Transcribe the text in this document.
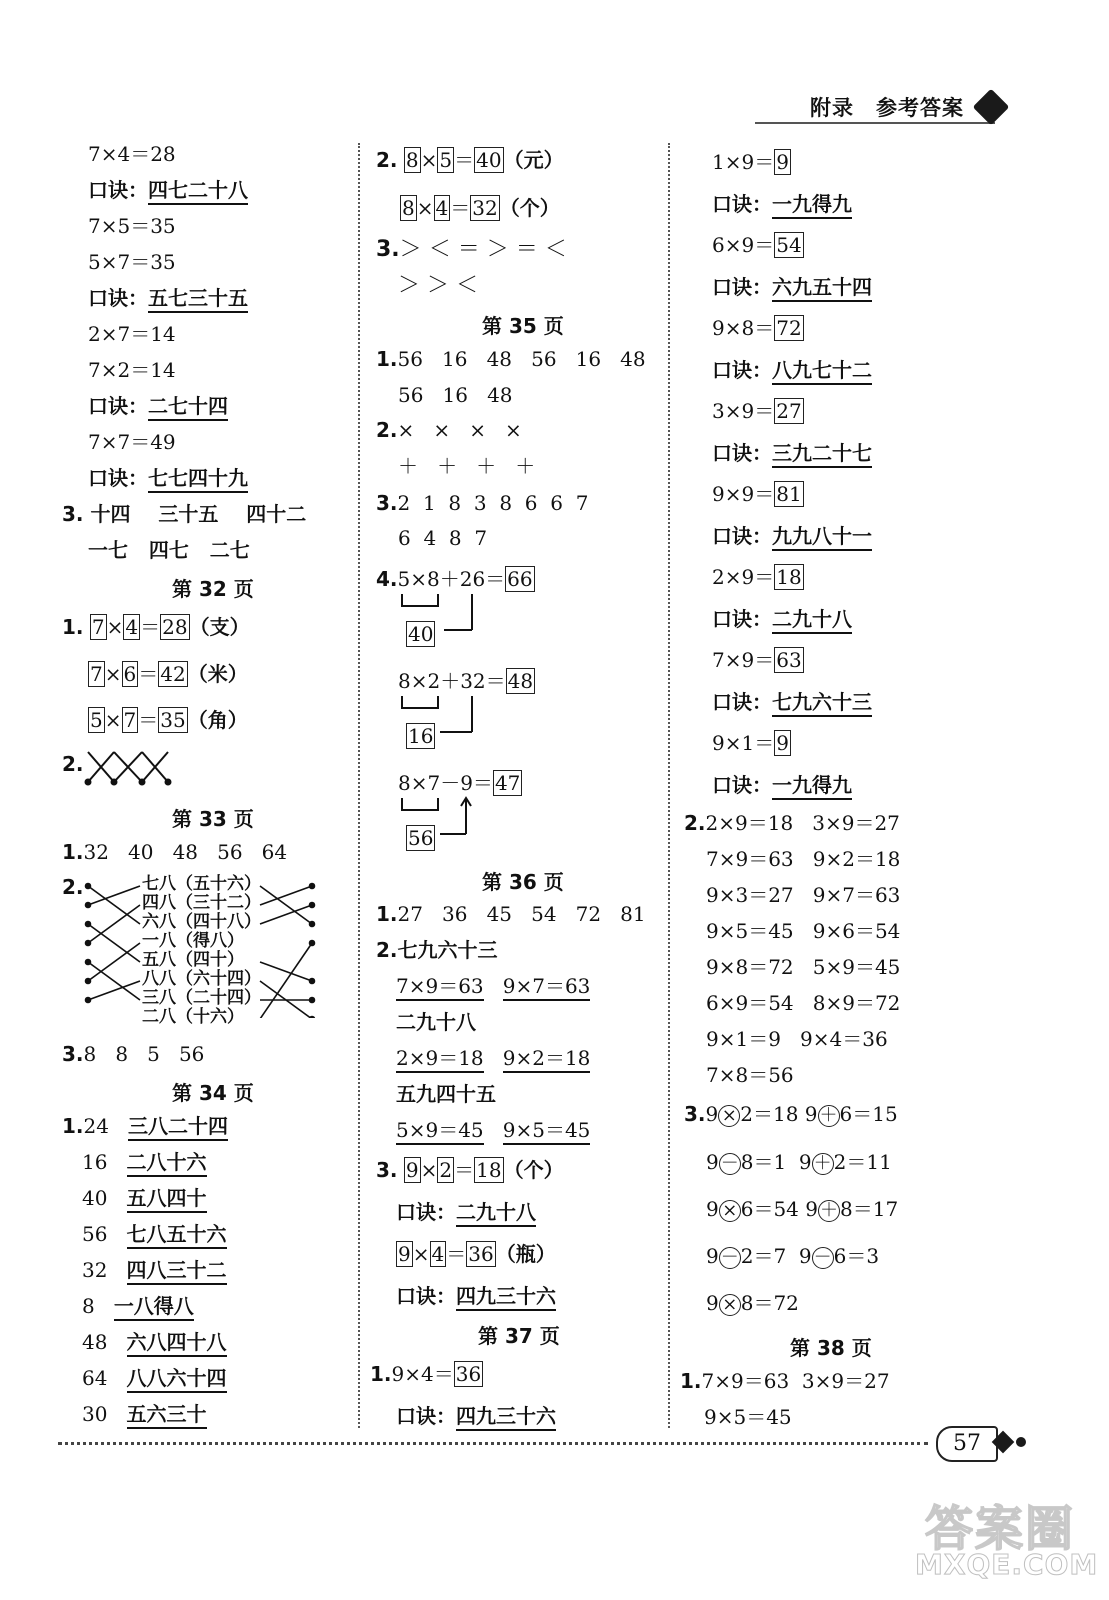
附录 参考答案
7×4＝28
口诀：四七二十八
7×5＝35
5×7＝35
口诀：五七三十五
2×7＝14
7×2＝14
口诀：二七十四
7×7＝49
口诀：七七四十九
3. 十四 三十五 四十二
一七 四七 二七
第 32 页
1. 7 × 4 ＝ 28 （支）
7 × 6 ＝ 42 （米）
5 × 7 ＝ 35 （角）
2.
第 33 页
1.32 40 48 56 64
2.	七八（五十六）
四八（三十二）
六八（四十八）
一八（得八）
五八（四十）
八八（六十四）
三八（二十四）
二八（十六）
3.8 8 5 56
第 34 页
1.24 三八二十四
16 二八十六
40 五八四十
56 七八五十六
32 四八三十二
8 一八得八
48 六八四十八
64 八八六十四
30 五六三十
2. 8 × 5 ＝ 40 （元）
8 × 4 ＝ 32 （个）
3.＞ ＜ ＝ ＞ ＝ ＜
＞ ＞ ＜
第 35 页
1.56 16 48 56 16 48
56 16 48
2.× × × ×
＋ ＋ ＋ ＋
3.2 1 8 3 8 6 6 7
6 4 8 7
4.5×8＋26＝ 66
40
8×2＋32＝ 48
16
8×7－9＝ 47
56
第 36 页
1.27 36 45 54 72 81
2.七九六十三
7×9＝63 9×7＝63
二九十八
2×9＝18 9×2＝18
五九四十五
5×9＝45 9×5＝45
3. 9 × 2 ＝ 18 （个）
口诀：二九十八
9 × 4 ＝ 36 （瓶）
口诀：四九三十六
第 37 页
1.9×4＝ 36
口诀：四九三十六
1×9＝ 9
口诀：一九得九
6×9＝ 54
口诀：六九五十四
9×8＝ 72
口诀：八九七十二
3×9＝ 27
口诀：三九二十七
9×9＝ 81
口诀：九九八十一
2×9＝ 18
口诀：二九十八
7×9＝ 63
口诀：七九六十三
9×1＝ 9
口诀：一九得九
2.2×9＝18 3×9＝27
7×9＝63 9×2＝18
9×3＝27 9×7＝63
9×5＝45 9×6＝54
9×8＝72 5×9＝45
6×9＝54 8×9＝72
9×1＝9 9×4＝36
7×8＝56
3.9 × 2＝18 9 ＋ 6＝15
9 － 8＝1 9 ＋ 2＝11
9 × 6＝54 9 ＋ 8＝17
9 － 2＝7 9 － 6＝3
9 × 8＝72
第 38 页
1.7×9＝63 3×9＝27
9×5＝45
57
答案圈
MXQE.COM
